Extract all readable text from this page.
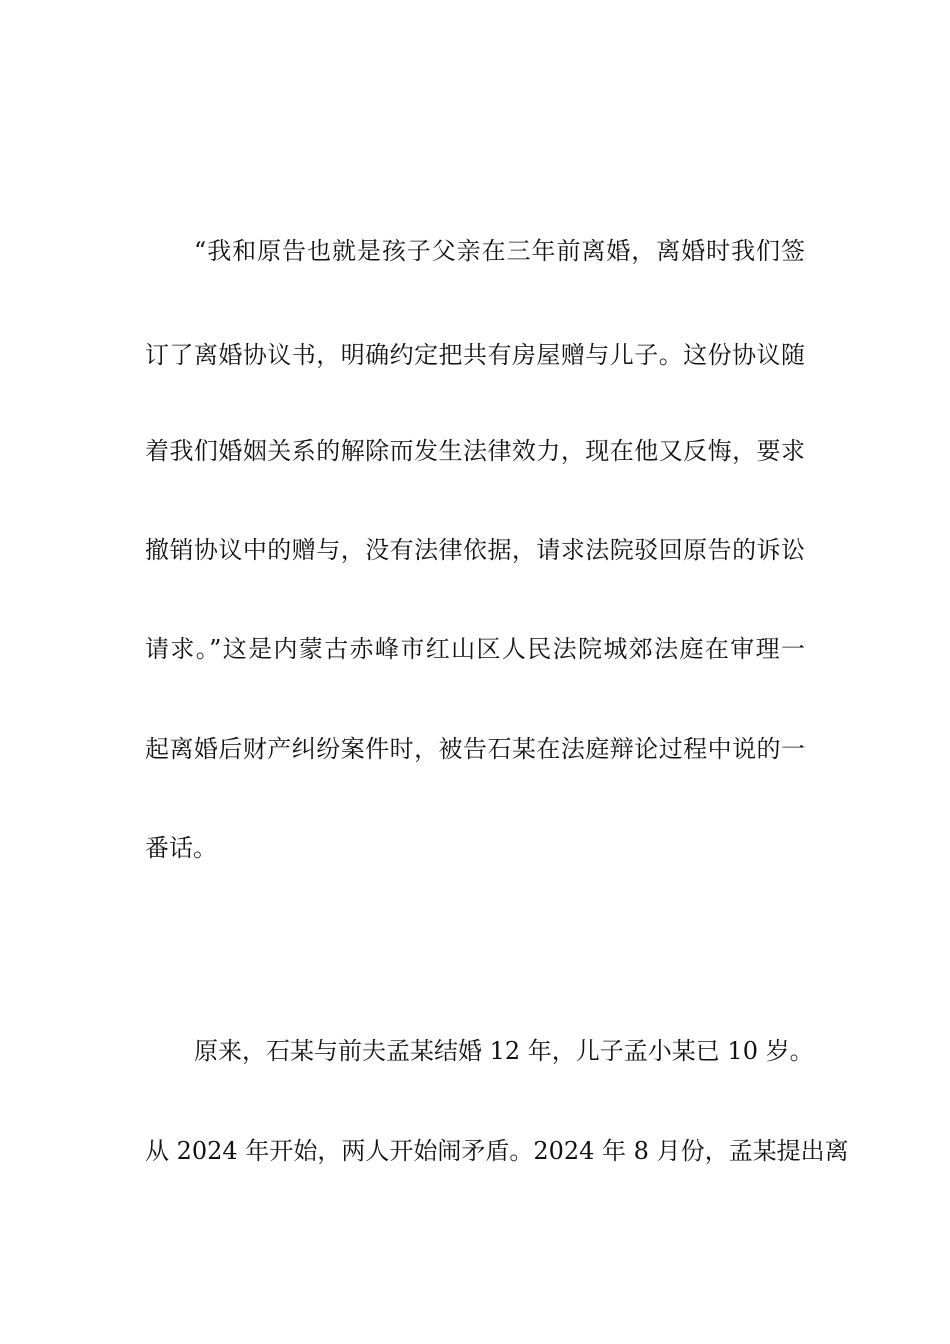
“我和原告也就是孩子父亲在三年前离婚，离婚时我们签
订了离婚协议书，明确约定把共有房屋赠与儿子。这份协议随
着我们婚姻关系的解除而发生法律效力，现在他又反悔，要求
撤销协议中的赠与，没有法律依据，请求法院驳回原告的诉讼
请求。”这是内蒙古赤峰市红山区人民法院城郊法庭在审理一
起离婚后财产纠纷案件时，被告石某在法庭辩论过程中说的一
番话。
原来，石某与前夫孟某结婚 12 年，儿子孟小某已 10 岁。
从 2024 年开始，两人开始闹矛盾。2024 年 8 月份，孟某提出离
